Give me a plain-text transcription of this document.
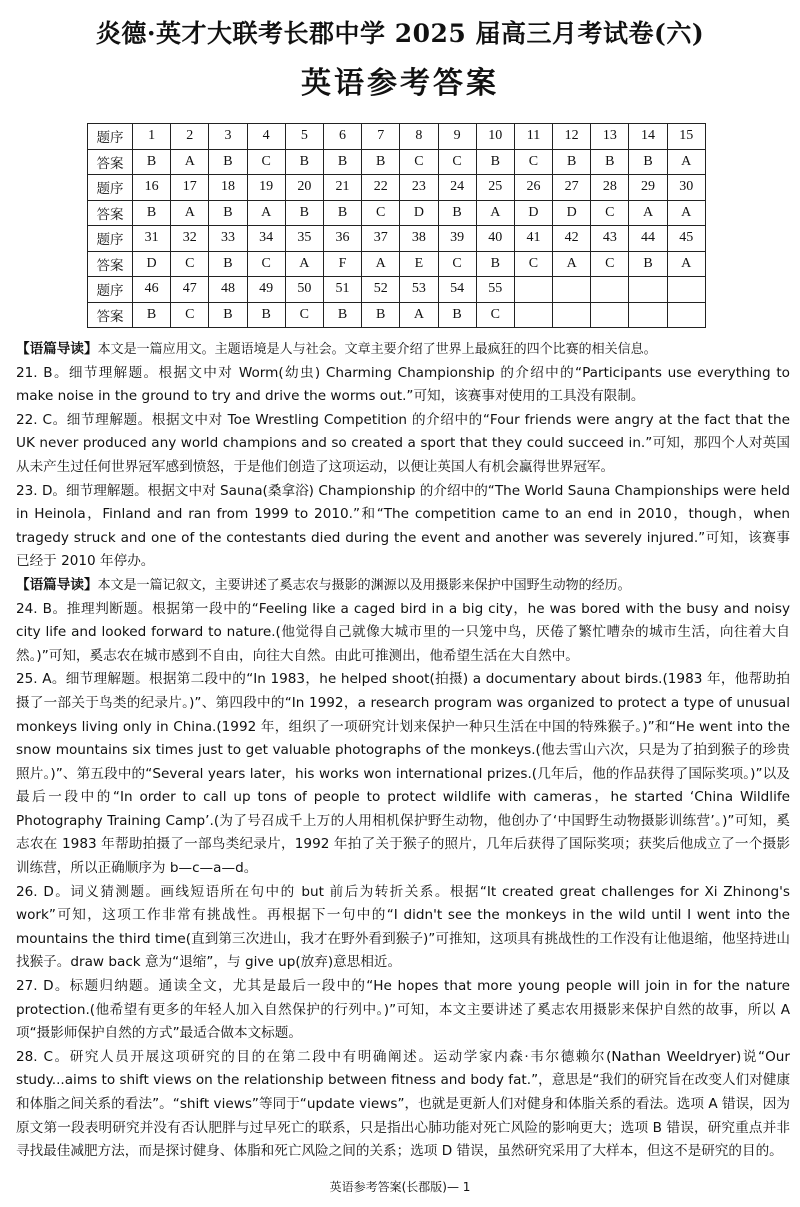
炎德·英才大联考长郡中学 2025 届高三月考试卷(六)
英语参考答案
题序	1	2	3	4	5	6	7	8	9	10	11	12	13	14	15
答案	B	A	B	C	B	B	B	C	C	B	C	B	B	B	A
题序	16	17	18	19	20	21	22	23	24	25	26	27	28	29	30
答案	B	A	B	A	B	B	C	D	B	A	D	D	C	A	A
题序	31	32	33	34	35	36	37	38	39	40	41	42	43	44	45
答案	D	C	B	C	A	F	A	E	C	B	C	A	C	B	A
题序	46	47	48	49	50	51	52	53	54	55					
答案	B	C	B	B	C	B	B	A	B	C					

【语篇导读】本文是一篇应用文。主题语境是人与社会。文章主要介绍了世界上最疯狂的四个比赛的相关信息。

21. B。细节理解题。根据文中对 Worm(幼虫) Charming Championship 的介绍中的“Participants use everything to make noise in the ground to try and drive the worms out.”可知，该赛事对使用的工具没有限制。

22. C。细节理解题。根据文中对 Toe Wrestling Competition 的介绍中的“Four friends were angry at the fact that the UK never produced any world champions and so created a sport that they could succeed in.”可知，那四个人对英国从未产生过任何世界冠军感到愤怒，于是他们创造了这项运动，以便让英国人有机会赢得世界冠军。

23. D。细节理解题。根据文中对 Sauna(桑拿浴) Championship 的介绍中的“The World Sauna Championships were held in Heinola，Finland and ran from 1999 to 2010.”和“The competition came to an end in 2010，though，when tragedy struck and one of the contestants died during the event and another was severely injured.”可知，该赛事已经于 2010 年停办。

【语篇导读】本文是一篇记叙文，主要讲述了奚志农与摄影的渊源以及用摄影来保护中国野生动物的经历。

24. B。推理判断题。根据第一段中的“Feeling like a caged bird in a big city，he was bored with the busy and noisy city life and looked forward to nature.(他觉得自己就像大城市里的一只笼中鸟，厌倦了繁忙嘈杂的城市生活，向往着大自然。)”可知，奚志农在城市感到不自由，向往大自然。由此可推测出，他希望生活在大自然中。

25. A。细节理解题。根据第二段中的“In 1983，he helped shoot(拍摄) a documentary about birds.(1983 年，他帮助拍摄了一部关于鸟类的纪录片。)”、第四段中的“In 1992，a research program was organized to protect a type of unusual monkeys living only in China.(1992 年，组织了一项研究计划来保护一种只生活在中国的特殊猴子。)”和“He went into the snow mountains six times just to get valuable photographs of the monkeys.(他去雪山六次，只是为了拍到猴子的珍贵照片。)”、第五段中的“Several years later，his works won international prizes.(几年后，他的作品获得了国际奖项。)”以及最后一段中的“In order to call up tons of people to protect wildlife with cameras，he started ‘China Wildlife Photography Training Camp’.(为了号召成千上万的人用相机保护野生动物，他创办了‘中国野生动物摄影训练营’。)”可知，奚志农在 1983 年帮助拍摄了一部鸟类纪录片，1992 年拍了关于猴子的照片，几年后获得了国际奖项；获奖后他成立了一个摄影训练营，所以正确顺序为 b—c—a—d。

26. D。词义猜测题。画线短语所在句中的 but 前后为转折关系。根据“It created great challenges for Xi Zhinong's work”可知，这项工作非常有挑战性。再根据下一句中的“I didn't see the monkeys in the wild until I went into the mountains the third time(直到第三次进山，我才在野外看到猴子)”可推知，这项具有挑战性的工作没有让他退缩，他坚持进山找猴子。draw back 意为“退缩”，与 give up(放弃)意思相近。

27. D。标题归纳题。通读全文，尤其是最后一段中的“He hopes that more young people will join in for the nature protection.(他希望有更多的年轻人加入自然保护的行列中。)”可知，本文主要讲述了奚志农用摄影来保护自然的故事，所以 A 项“摄影师保护自然的方式”最适合做本文标题。

28. C。研究人员开展这项研究的目的在第二段中有明确阐述。运动学家内森·韦尔德赖尔(Nathan Weeldryer)说“Our study...aims to shift views on the relationship between fitness and body fat.”，意思是“我们的研究旨在改变人们对健康和体脂之间关系的看法”。“shift views”等同于“update views”，也就是更新人们对健身和体脂关系的看法。选项 A 错误，因为原文第一段表明研究并没有否认肥胖与过早死亡的联系，只是指出心肺功能对死亡风险的影响更大；选项 B 错误，研究重点并非寻找最佳减肥方法，而是探讨健身、体脂和死亡风险之间的关系；选项 D 错误，虽然研究采用了大样本，但这不是研究的目的。

英语参考答案(长郡版)— 1
